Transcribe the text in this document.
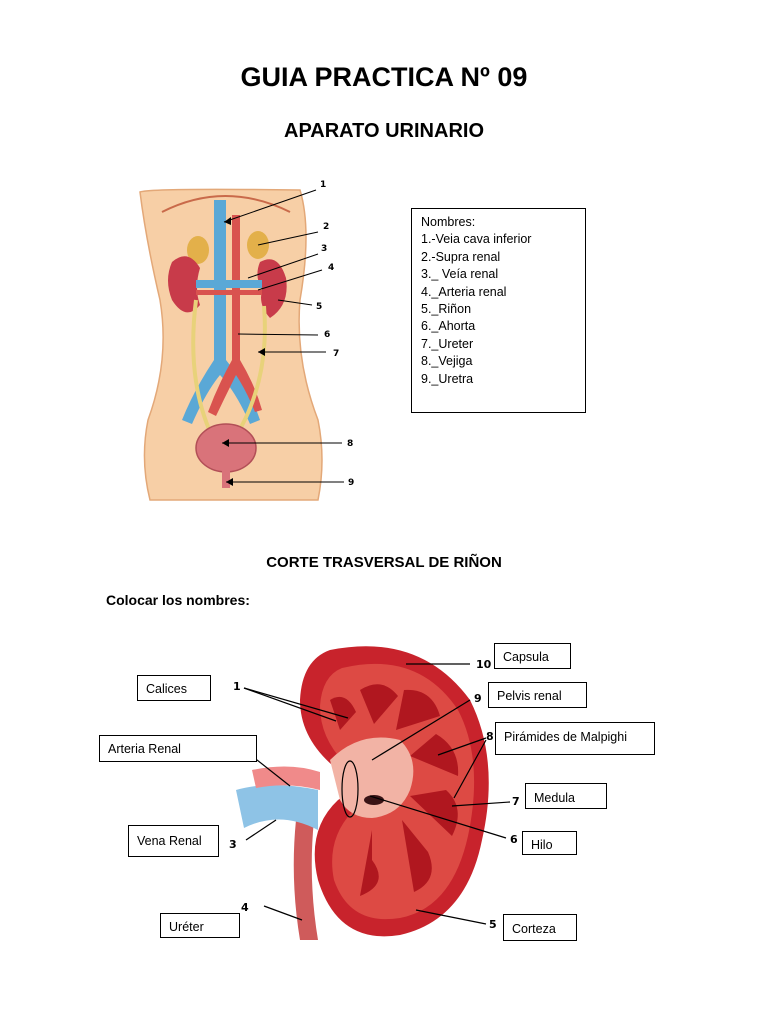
GUIA PRACTICA Nº 09
APARATO URINARIO
1
2
3
4
5
6
7
8
9
10
1
9
8
7
6
3
4
5
Nombres:
1.-Veia cava inferior
2.-Supra renal
3._ Veía renal
4._Arteria renal
5._Riñon
6._Ahorta
7._Ureter
8._Vejiga
9._Uretra
CORTE TRASVERSAL DE RIÑON
Colocar los nombres:
Capsula
Calices	Pelvis renal
Arteria Renal
Pirámides de Malpighi
Medula
Vena Renal	Hilo
Uréter	Corteza
